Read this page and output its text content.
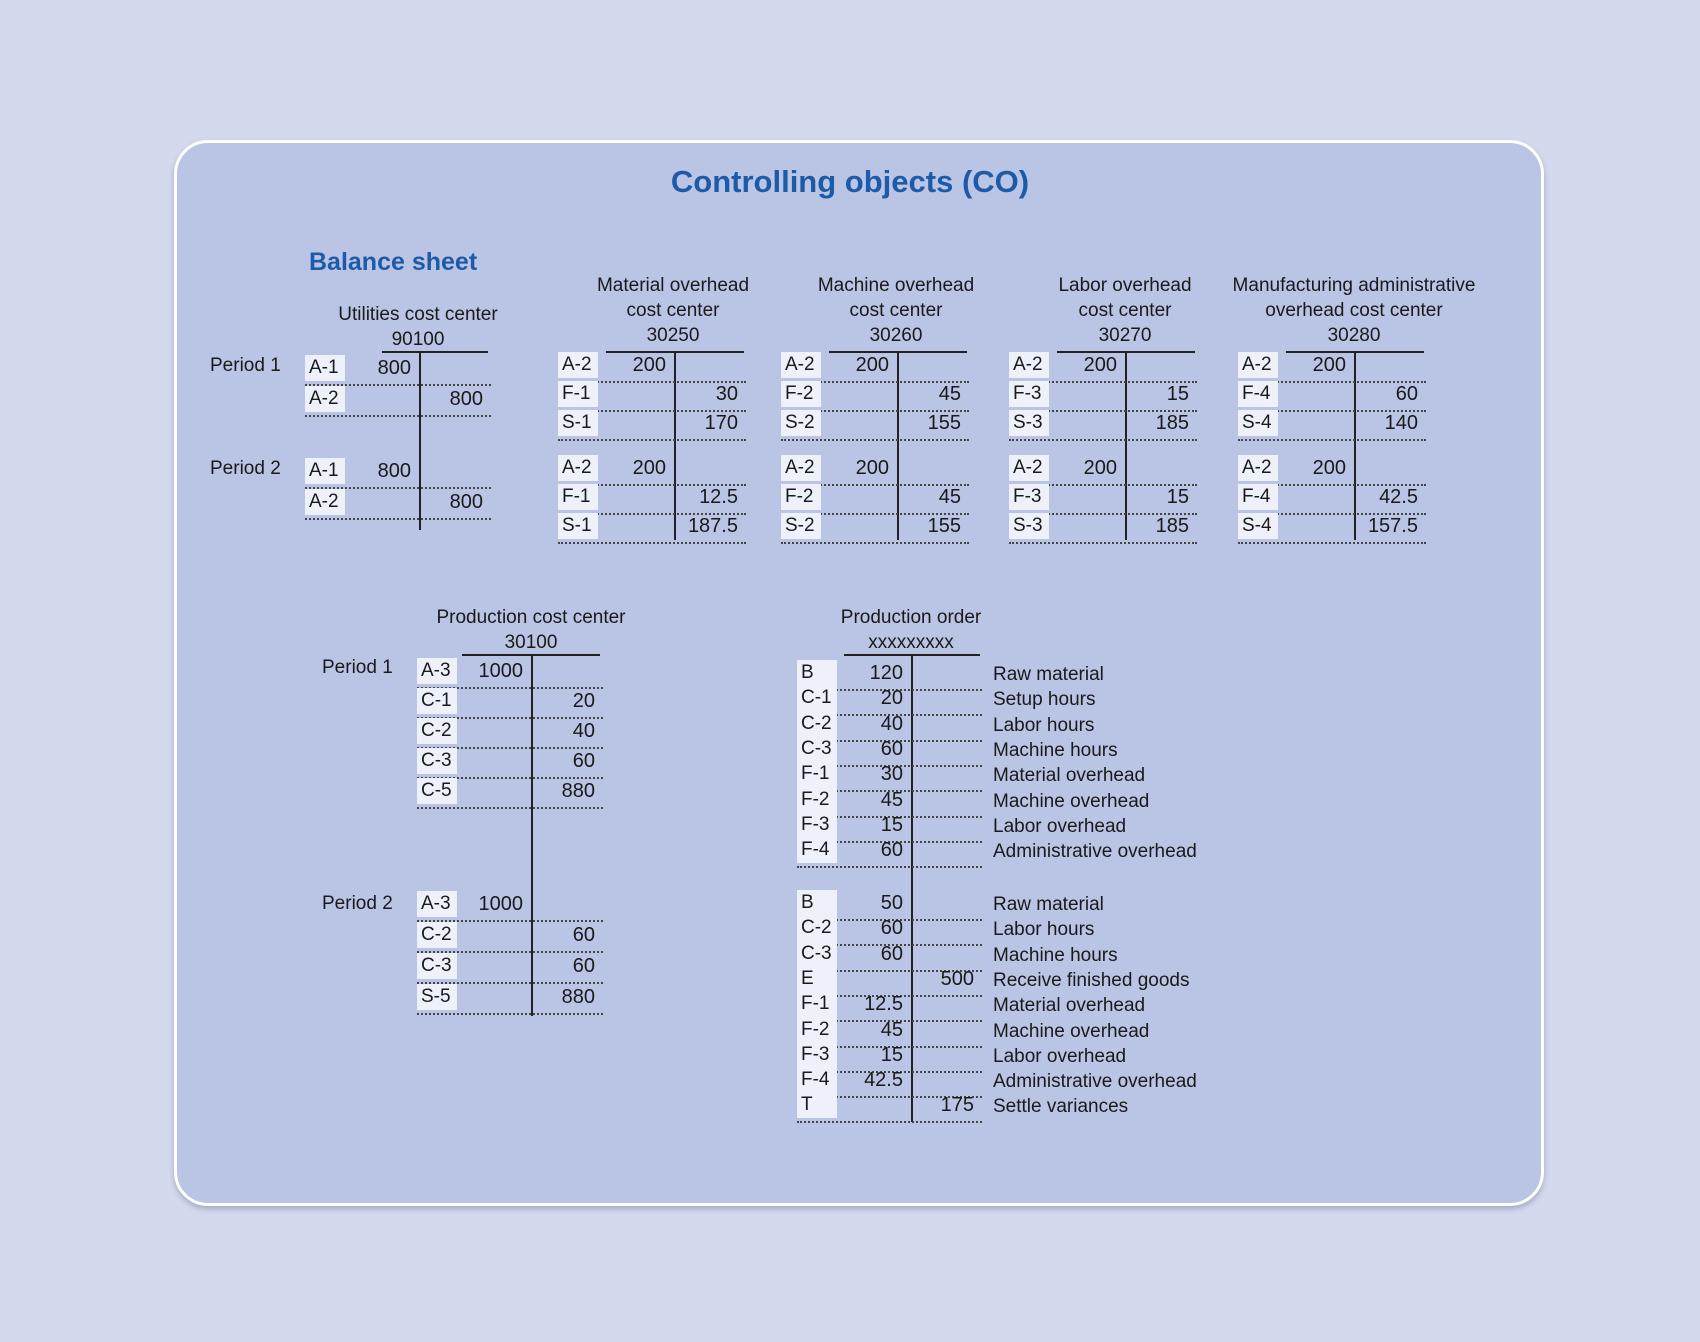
Controlling objects (CO)
Balance sheet
Utilities cost center
90100
Period 1
Period 2
A-1	800
A-2	800
A-1	800
A-2	800
Material overhead
cost center
30250
A-2	200
F-1	30
S-1	170
A-2	200
F-1	12.5
S-1	187.5
Machine overhead
cost center
30260
A-2	200
F-2	45
S-2	155
A-2	200
F-2	45
S-2	155
Labor overhead
cost center
30270
A-2	200
F-3	15
S-3	185
A-2	200
F-3	15
S-3	185
Manufacturing administrative
overhead cost center
30280
A-2	200
F-4	60
S-4	140
A-2	200
F-4	42.5
S-4	157.5
Production cost center
30100
Period 1
Period 2
A-3	1000
C-1	20
C-2	40
C-3	60
C-5	880
A-3	1000
C-2	60
C-3	60
S-5	880
Production order
xxxxxxxxx
B	120	Raw material
C-1 20	Setup hours
C-2 40	Labor hours
C-3 60	Machine hours
F-1	30	Material overhead
F-2	45	Machine overhead
F-3	15	Labor overhead
F-4	60	Administrative overhead
B	50	Raw material
C-2 60	Labor hours
C-3 60	Machine hours
E	500 Receive finished goods
F-1	12.5	Material overhead
F-2	45	Machine overhead
F-3	15	Labor overhead
F-4	42.5	Administrative overhead
T	175 Settle variances
